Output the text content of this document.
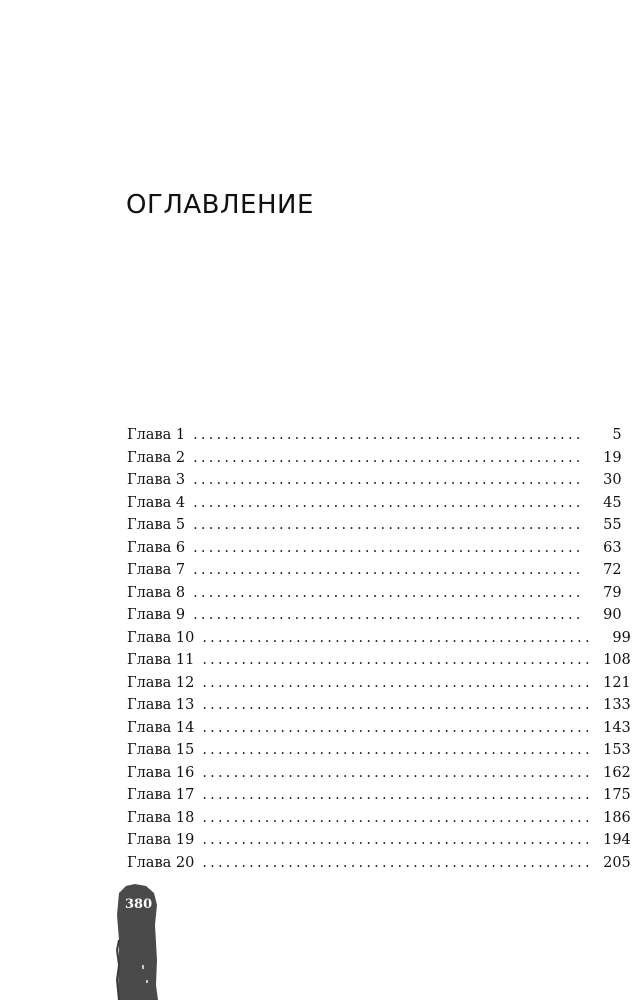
ОГЛАВЛЕНИЕ
Глава 1 ..................................................	5
Глава 2 ..................................................	19
Глава 3 ..................................................	30
Глава 4 ..................................................	45
Глава 5 ..................................................	55
Глава 6 ..................................................	63
Глава 7 ..................................................	72
Глава 8 ..................................................	79
Глава 9 ..................................................	90
Глава 10 ..................................................	99
Глава 11 .................................................. 108
Глава 12 .................................................. 121
Глава 13 .................................................. 133
Глава 14 .................................................. 143
Глава 15 .................................................. 153
Глава 16 .................................................. 162
Глава 17 .................................................. 175
Глава 18 .................................................. 186
Глава 19 .................................................. 194
Глава 20 .................................................. 205
380
